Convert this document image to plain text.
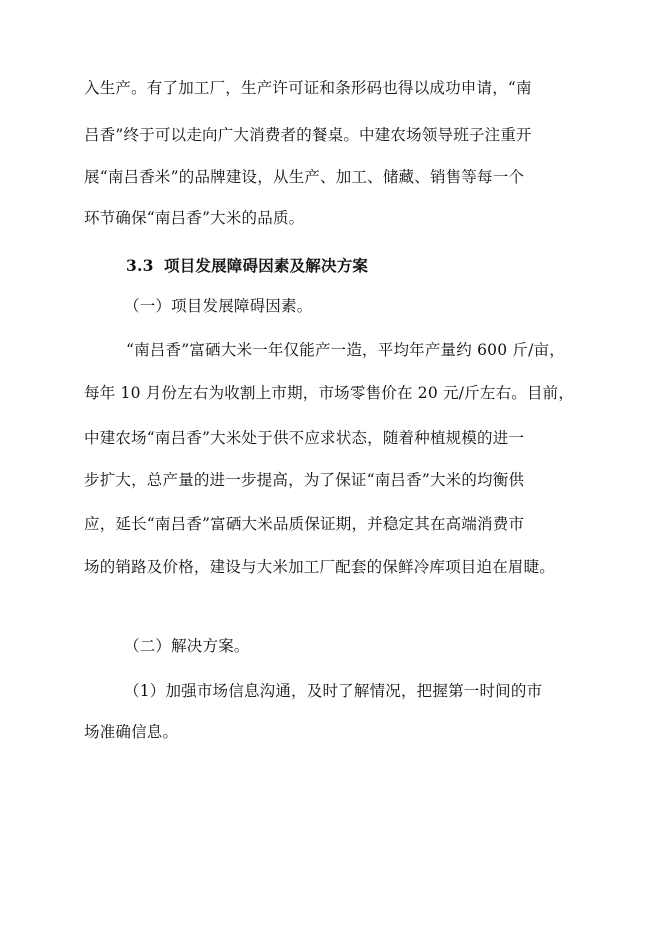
入生产。有了加工厂，生产许可证和条形码也得以成功申请，“南
吕香”终于可以走向广大消费者的餐桌。中建农场领导班子注重开
展“南吕香米”的品牌建设，从生产、加工、储藏、销售等每一个
环节确保“南吕香”大米的品质。
3.3 项目发展障碍因素及解决方案
（一）项目发展障碍因素。
“南吕香”富硒大米一年仅能产一造，平均年产量约 600 斤/亩，
每年 10 月份左右为收割上市期，市场零售价在 20 元/斤左右。目前，
中建农场“南吕香”大米处于供不应求状态，随着种植规模的进一
步扩大，总产量的进一步提高，为了保证“南吕香”大米的均衡供
应，延长“南吕香”富硒大米品质保证期，并稳定其在高端消费市
场的销路及价格，建设与大米加工厂配套的保鲜冷库项目迫在眉睫。
（二）解决方案。
（1）加强市场信息沟通，及时了解情况，把握第一时间的市
场准确信息。
